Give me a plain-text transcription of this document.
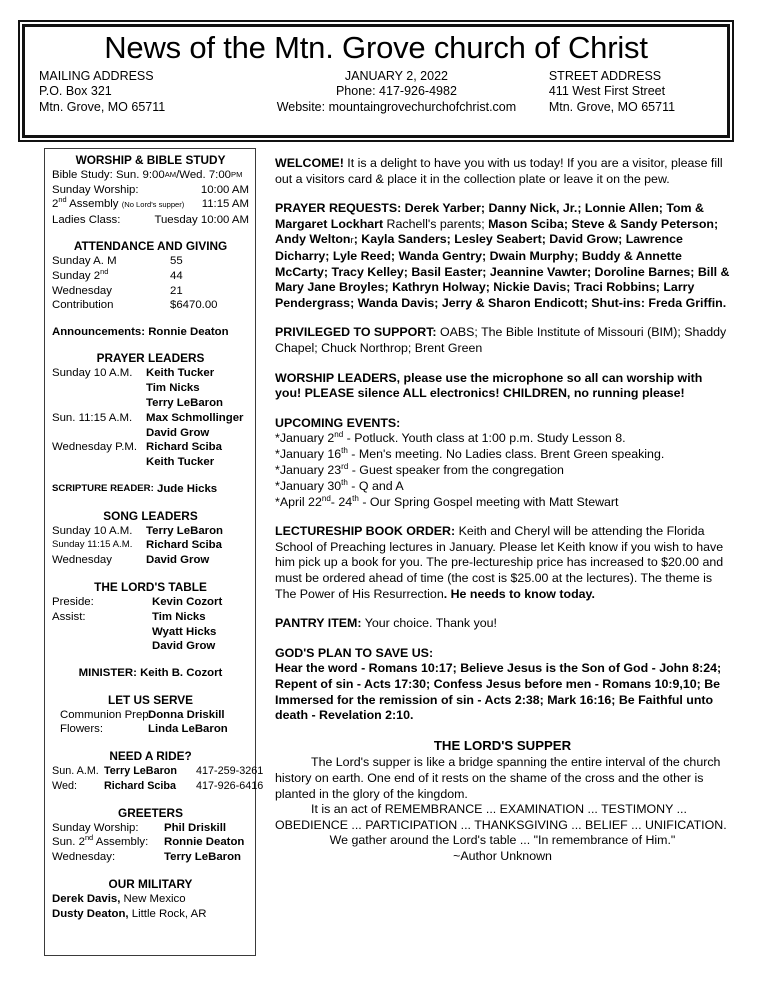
News of the Mtn. Grove church of Christ
MAILING ADDRESS
P.O. Box 321
Mtn. Grove, MO 65711
JANUARY 2, 2022
Phone: 417-926-4982
Website: mountaingrovechurchofchrist.com
STREET ADDRESS
411 West First Street
Mtn. Grove, MO 65711
WORSHIP & BIBLE STUDY
Bible Study: Sun. 9:00 AM /Wed. 7:00 PM
Sunday Worship:	10:00 AM
2nd Assembly (No Lord's supper) 11:15 AM
Ladies Class:	Tuesday 10:00 AM
ATTENDANCE AND GIVING
Sunday A. M	55
Sunday 2nd	44
Wednesday	21
Contribution	$6470.00
Announcements:
Ronnie Deaton
PRAYER LEADERS
Sunday 10 A.M.	Keith Tucker
Tim Nicks
Terry LeBaron
Sun. 11:15 A.M.	Max Schmollinger
David Grow
Wednesday P.M. Richard Sciba
Keith Tucker
SCRIPTURE READER:
Jude Hicks
SONG LEADERS
Sunday 10 A.M.	Terry LeBaron
Sunday 11:15 A.M.	Richard Sciba
Wednesday	David Grow
THE LORD'S TABLE
Preside:	Kevin Cozort
Assist:	Tim Nicks
Wyatt Hicks
David Grow
MINISTER: Keith B. Cozort
LET US SERVE
Communion Prep:
Donna Driskill
Flowers:	Linda LeBaron
NEED A RIDE?
Sun. A.M. Terry LeBaron	417-259-3261
Wed:	Richard Sciba	417-926-6416
GREETERS
Sunday Worship:	Phil Driskill
Sun. 2nd Assembly:	Ronnie Deaton
Wednesday:	Terry LeBaron
OUR MILITARY
Derek Davis, New Mexico
Dusty Deaton, Little Rock, AR

WELCOME! It is a delight to have you with us today! If you are a visitor, please fill out a visitors card & place it in the collection plate or leave it on the pew.

PRAYER REQUESTS: Derek Yarber; Danny Nick, Jr.; Lonnie Allen; Tom & Margaret Lockhart Rachell's parents; Mason Sciba; Steve & Sandy Peterson; Andy Weltonr; Kayla Sanders; Lesley Seabert; David Grow; Lawrence Dicharry; Lyle Reed; Wanda Gentry; Dwain Murphy; Buddy & Annette McCarty; Tracy Kelley; Basil Easter; Jeannine Vawter; Doroline Barnes; Bill & Mary Jane Broyles; Kathryn Holway; Nickie Davis; Traci Robbins; Larry Pendergrass; Wanda Davis; Jerry & Sharon Endicott; Shut-ins: Freda Griffin.

PRIVILEGED TO SUPPORT: OABS; The Bible Institute of Missouri (BIM); Shaddy Chapel; Chuck Northrop; Brent Green

WORSHIP LEADERS, please use the microphone so all can worship with you! PLEASE silence ALL electronics! CHILDREN, no running please!

UPCOMING EVENTS:

*January 2nd - Potluck. Youth class at 1:00 p.m. Study Lesson 8.

*January 16th - Men's meeting. No Ladies class. Brent Green speaking.

*January 23rd - Guest speaker from the congregation

*January 30th - Q and A

*April 22nd- 24th - Our Spring Gospel meeting with Matt Stewart

LECTURESHIP BOOK ORDER: Keith and Cheryl will be attending the Florida School of Preaching lectures in January. Please let Keith know if you wish to have him pick up a book for you. The pre-lectureship price has increased to $20.00 and must be ordered ahead of time (the cost is $25.00 at the lectures). The theme is The Power of His Resurrection. He needs to know today.

PANTRY ITEM: Your choice. Thank you!

GOD'S PLAN TO SAVE US:

Hear the word - Romans 10:17; Believe Jesus is the Son of God - John 8:24; Repent of sin - Acts 17:30; Confess Jesus before men - Romans 10:9,10; Be Immersed for the remission of sin - Acts 2:38; Mark 16:16; Be Faithful unto death - Revelation 2:10.

THE LORD'S SUPPER

The Lord's supper is like a bridge spanning the entire interval of the church history on earth. One end of it rests on the shame of the cross and the other is planted in the glory of the kingdom.

It is an act of REMEMBRANCE ... EXAMINATION ... TESTIMONY ... OBEDIENCE ... PARTICIPATION ... THANKSGIVING ... BELIEF ... UNIFICATION.

We gather around the Lord's table ... "In remembrance of Him."

~Author Unknown
